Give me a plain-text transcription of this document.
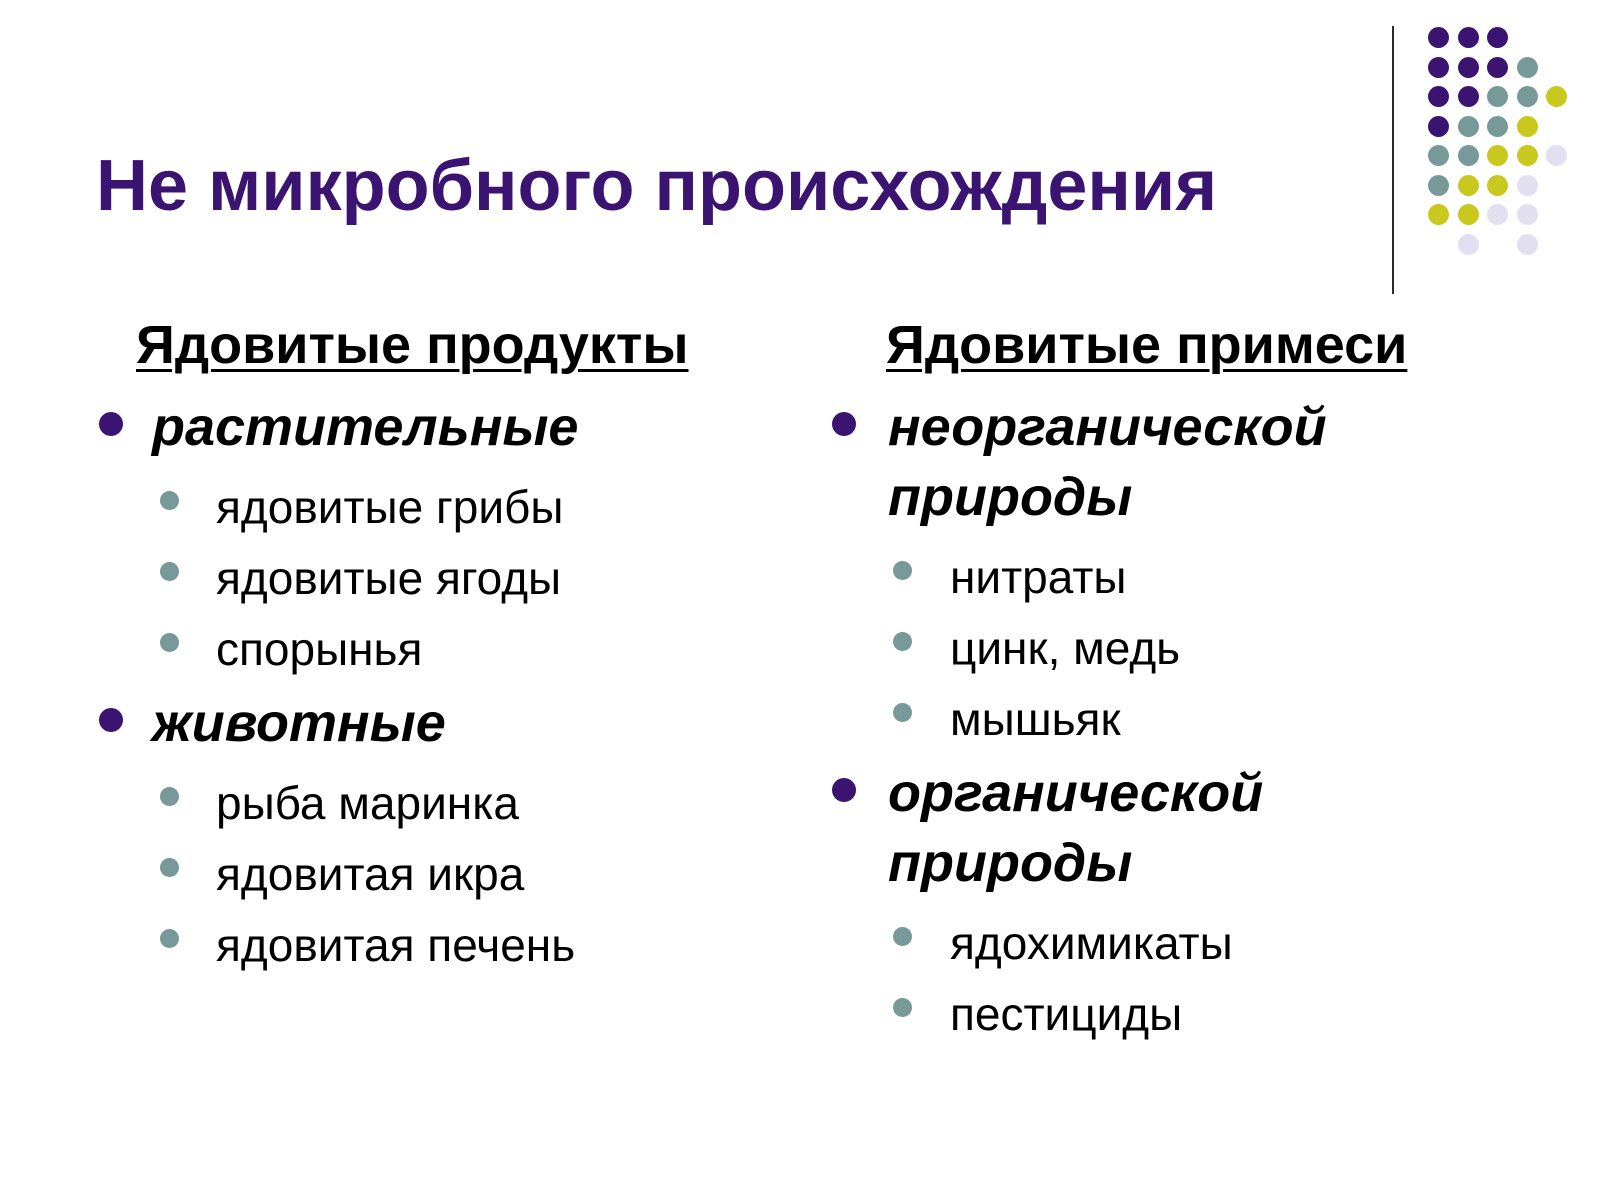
Не микробного происхождения
Ядовитые продукты
растительные
ядовитые грибы
ядовитые ягоды
спорынья
животные
рыба маринка
ядовитая икра
ядовитая печень
Ядовитые примеси
неорганической
природы
нитраты
цинк, медь
мышьяк
органической
природы
ядохимикаты
пестициды
